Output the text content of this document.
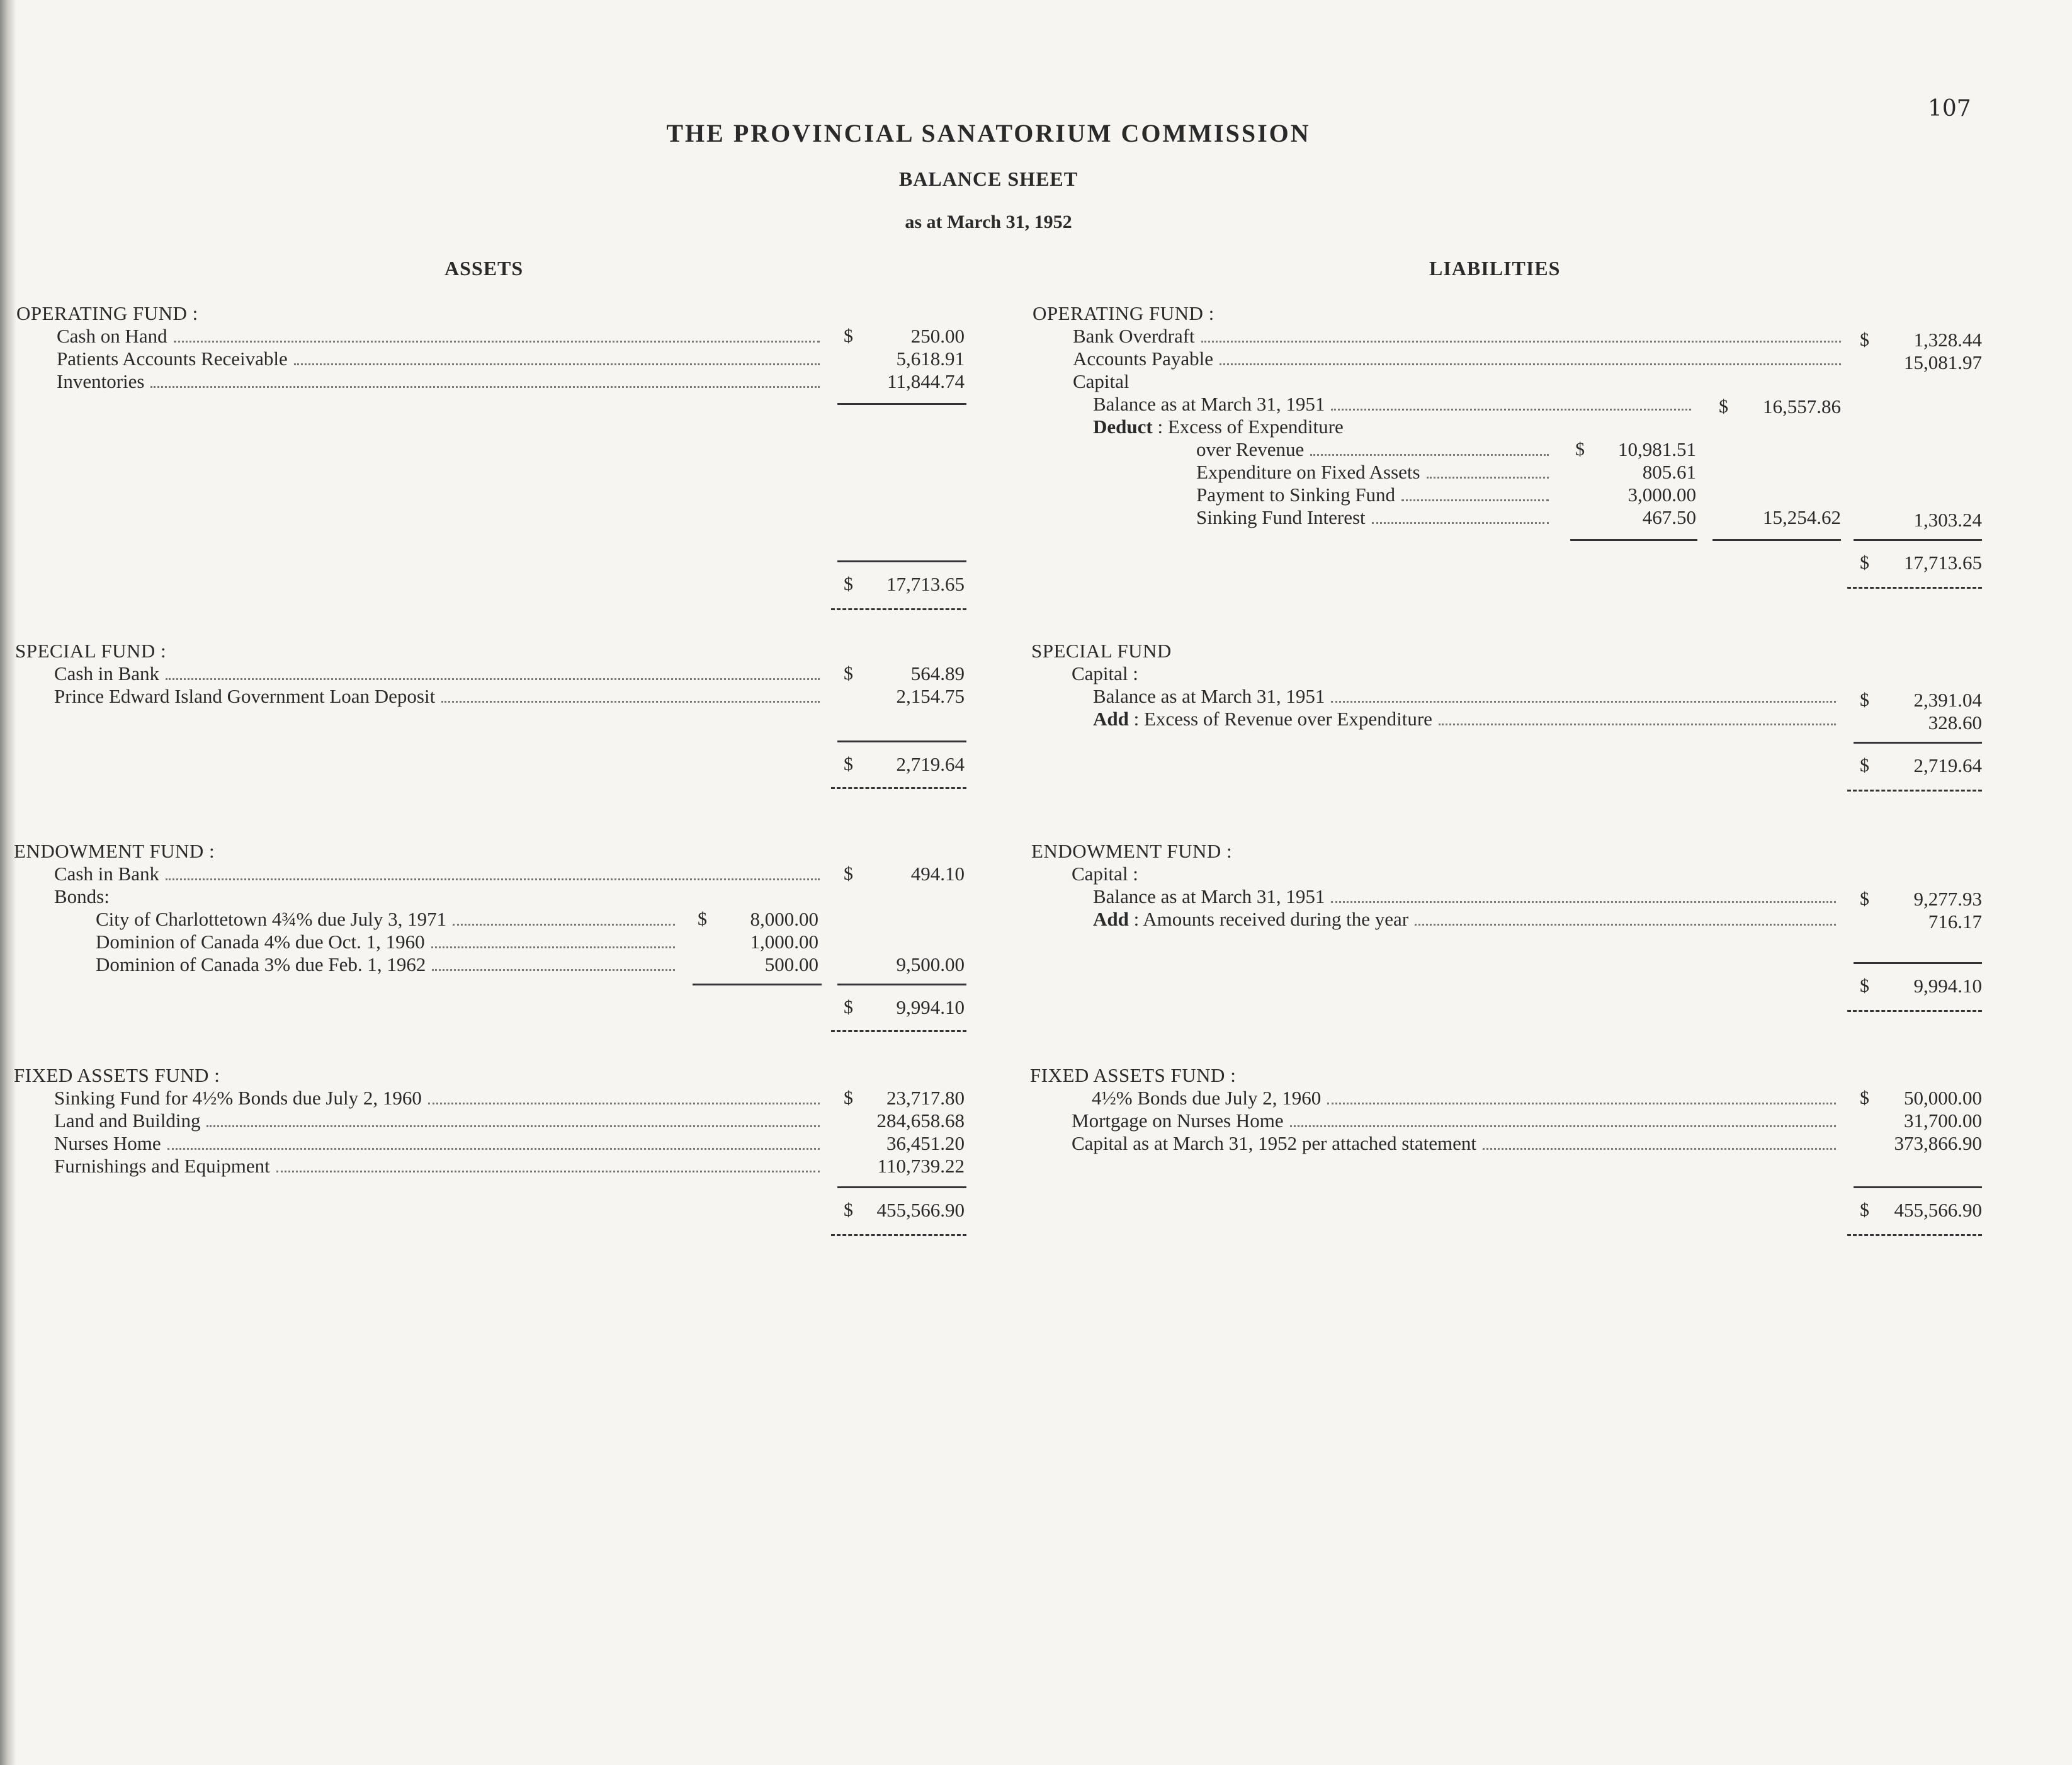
107
THE PROVINCIAL SANATORIUM COMMISSION
BALANCE SHEET
as at March 31, 1952
ASSETS	LIABILITIES
OPERATING FUND :
Cash on Hand	$	250.00
Patients Accounts Receivable	5,618.91
Inventories	11,844.74
$	17,713.65
SPECIAL FUND :
Cash in Bank	$	564.89
Prince Edward Island Government Loan Deposit	2,154.75
$	2,719.64
ENDOWMENT FUND :
Cash in Bank	$	494.10
Bonds:
City of Charlottetown 4¾% due July 3, 1971	$	8,000.00
Dominion of Canada 4% due Oct. 1, 1960	1,000.00
Dominion of Canada 3% due Feb. 1, 1962	500.00	9,500.00
$	9,994.10
FIXED ASSETS FUND :
Sinking Fund for 4½% Bonds due July 2, 1960	$	23,717.80
Land and Building	284,658.68
Nurses Home	36,451.20
Furnishings and Equipment	110,739.22
$	455,566.90
OPERATING FUND :
Bank Overdraft	$	1,328.44
Accounts Payable	15,081.97
Capital
Balance as at March 31, 1951	$	16,557.86
Deduct : Excess of Expenditure
over Revenue	$	10,981.51
Expenditure on Fixed Assets	805.61
Payment to Sinking Fund	3,000.00
Sinking Fund Interest	467.50	15,254.62	1,303.24
$	17,713.65
SPECIAL FUND
Capital :
Balance as at March 31, 1951	$	2,391.04
Add : Excess of Revenue over Expenditure	328.60
$	2,719.64
ENDOWMENT FUND :
Capital :
Balance as at March 31, 1951	$	9,277.93
Add : Amounts received during the year	716.17
$	9,994.10
FIXED ASSETS FUND :
4½% Bonds due July 2, 1960	$	50,000.00
Mortgage on Nurses Home	31,700.00
Capital as at March 31, 1952 per attached statement	373,866.90
$	455,566.90
